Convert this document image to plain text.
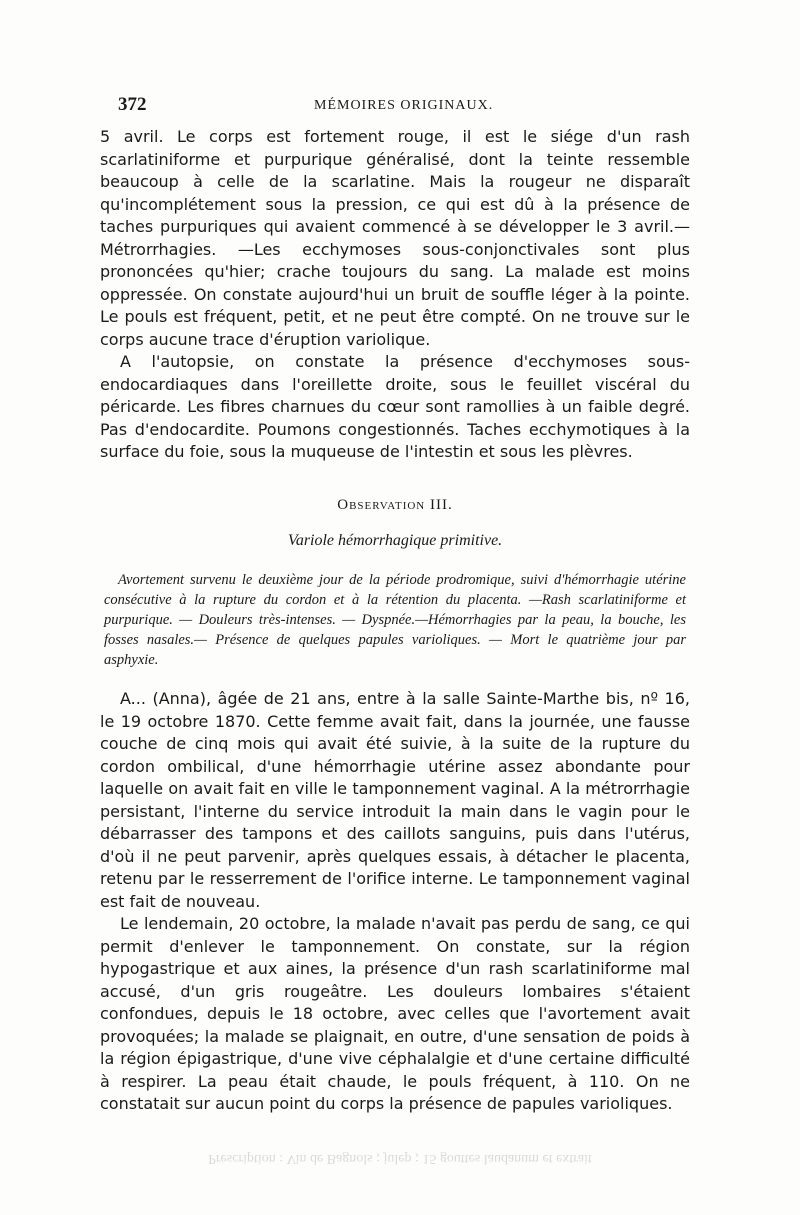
372	MÉMOIRES ORIGINAUX.

5 avril. Le corps est fortement rouge, il est le siége d'un rash scarlatiniforme et purpurique généralisé, dont la teinte ressemble beaucoup à celle de la scarlatine. Mais la rougeur ne disparaît qu'incomplétement sous la pression, ce qui est dû à la présence de taches purpuriques qui avaient commencé à se développer le 3 avril.—Métrorrhagies. —Les ecchymoses sous-conjonctivales sont plus prononcées qu'hier; crache toujours du sang. La malade est moins oppressée. On constate aujourd'hui un bruit de souffle léger à la pointe. Le pouls est fréquent, petit, et ne peut être compté. On ne trouve sur le corps aucune trace d'éruption variolique.

A l'autopsie, on constate la présence d'ecchymoses sous-endocardiaques dans l'oreillette droite, sous le feuillet viscéral du péricarde. Les fibres charnues du cœur sont ramollies à un faible degré. Pas d'endocardite. Poumons congestionnés. Taches ecchymotiques à la surface du foie, sous la muqueuse de l'intestin et sous les plèvres.

Observation III.
Variole hémorrhagique primitive.

Avortement survenu le deuxième jour de la période prodromique, suivi d'hémorrhagie utérine consécutive à la rupture du cordon et à la rétention du placenta. —Rash scarlatiniforme et purpurique. — Douleurs très-intenses. — Dyspnée.—Hémorrhagies par la peau, la bouche, les fosses nasales.— Présence de quelques papules varioliques. — Mort le quatrième jour par asphyxie.

A... (Anna), âgée de 21 ans, entre à la salle Sainte-Marthe bis, nº 16, le 19 octobre 1870. Cette femme avait fait, dans la journée, une fausse couche de cinq mois qui avait été suivie, à la suite de la rupture du cordon ombilical, d'une hémorrhagie utérine assez abondante pour laquelle on avait fait en ville le tamponnement vaginal. A la métrorrhagie persistant, l'interne du service introduit la main dans le vagin pour le débarrasser des tampons et des caillots sanguins, puis dans l'utérus, d'où il ne peut parvenir, après quelques essais, à détacher le placenta, retenu par le resserrement de l'orifice interne. Le tamponnement vaginal est fait de nouveau.

Le lendemain, 20 octobre, la malade n'avait pas perdu de sang, ce qui permit d'enlever le tamponnement. On constate, sur la région hypogastrique et aux aines, la présence d'un rash scarlatiniforme mal accusé, d'un gris rougeâtre. Les douleurs lombaires s'étaient confondues, depuis le 18 octobre, avec celles que l'avortement avait provoquées; la malade se plaignait, en outre, d'une sensation de poids à la région épigastrique, d'une vive céphalalgie et d'une certaine difficulté à respirer. La peau était chaude, le pouls fréquent, à 110. On ne constatait sur aucun point du corps la présence de papules varioliques.

Prescription : Vin de Bagnols ; julep ; 15 gouttes laudanum et extrait
